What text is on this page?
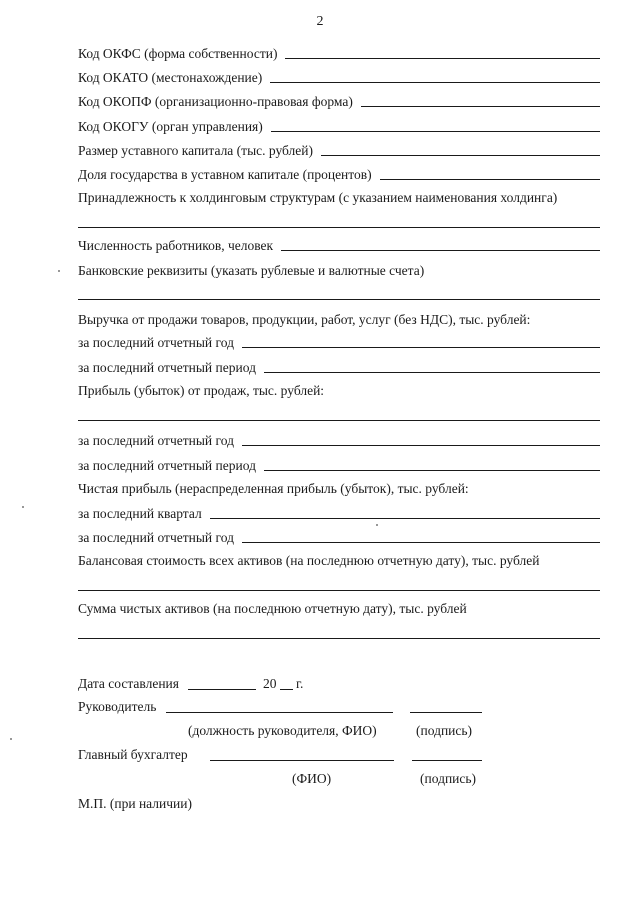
2
Код ОКФС (форма собственности)
Код ОКАТО (местонахождение)
Код ОКОПФ (организационно-правовая форма)
Код ОКОГУ (орган управления)
Размер уставного капитала (тыс. рублей)
Доля государства в уставном капитале (процентов)
Принадлежность к холдинговым структурам (с указанием наименования холдинга)
Численность работников, человек
Банковские реквизиты (указать рублевые и валютные счета)
Выручка от продажи товаров, продукции, работ, услуг (без НДС), тыс. рублей:
за последний отчетный год
за последний отчетный период
Прибыль (убыток) от продаж, тыс. рублей:
за последний отчетный год
за последний отчетный период
Чистая прибыль (нераспределенная прибыль (убыток), тыс. рублей:
за последний квартал
за последний отчетный год
Балансовая стоимость всех активов (на последнюю отчетную дату), тыс. рублей
Сумма чистых активов (на последнюю отчетную дату), тыс. рублей
Дата составления	20 г.
Руководитель
(должность руководителя, ФИО)	(подпись)
Главный бухгалтер
(ФИО)	(подпись)
М.П. (при наличии)
